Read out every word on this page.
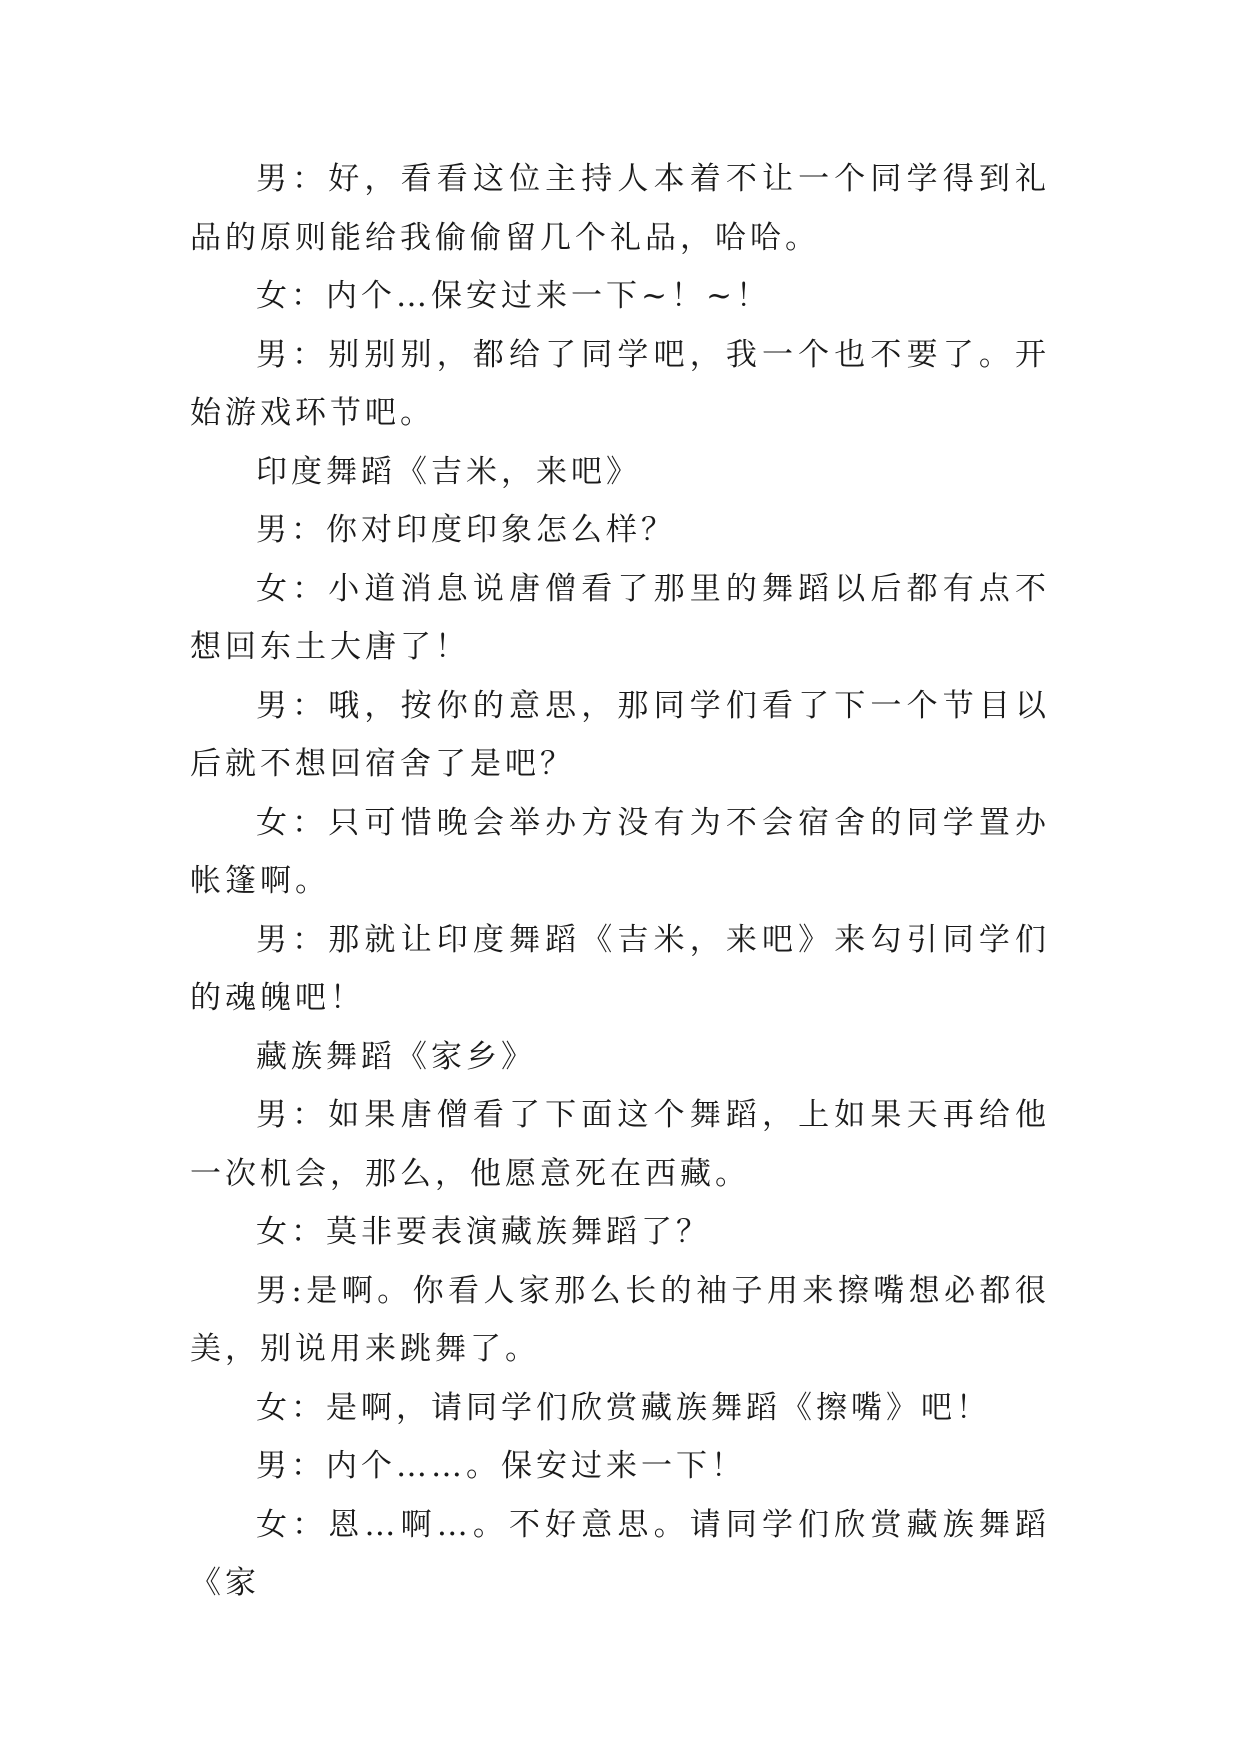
男：好，看看这位主持人本着不让一个同学得到礼品的原则能给我偷偷留几个礼品，哈哈。

女：内个…保安过来一下~！~！

男：别别别，都给了同学吧，我一个也不要了。开始游戏环节吧。

印度舞蹈《吉米，来吧》

男：你对印度印象怎么样？

女：小道消息说唐僧看了那里的舞蹈以后都有点不想回东土大唐了！

男：哦，按你的意思，那同学们看了下一个节目以后就不想回宿舍了是吧？

女：只可惜晚会举办方没有为不会宿舍的同学置办帐篷啊。

男：那就让印度舞蹈《吉米，来吧》来勾引同学们的魂魄吧！

藏族舞蹈《家乡》

男：如果唐僧看了下面这个舞蹈，上如果天再给他一次机会，那么，他愿意死在西藏。

女：莫非要表演藏族舞蹈了？

男:是啊。你看人家那么长的袖子用来擦嘴想必都很美，别说用来跳舞了。

女：是啊，请同学们欣赏藏族舞蹈《擦嘴》吧！

男：内个……。保安过来一下！

女：恩…啊…。不好意思。请同学们欣赏藏族舞蹈《家
